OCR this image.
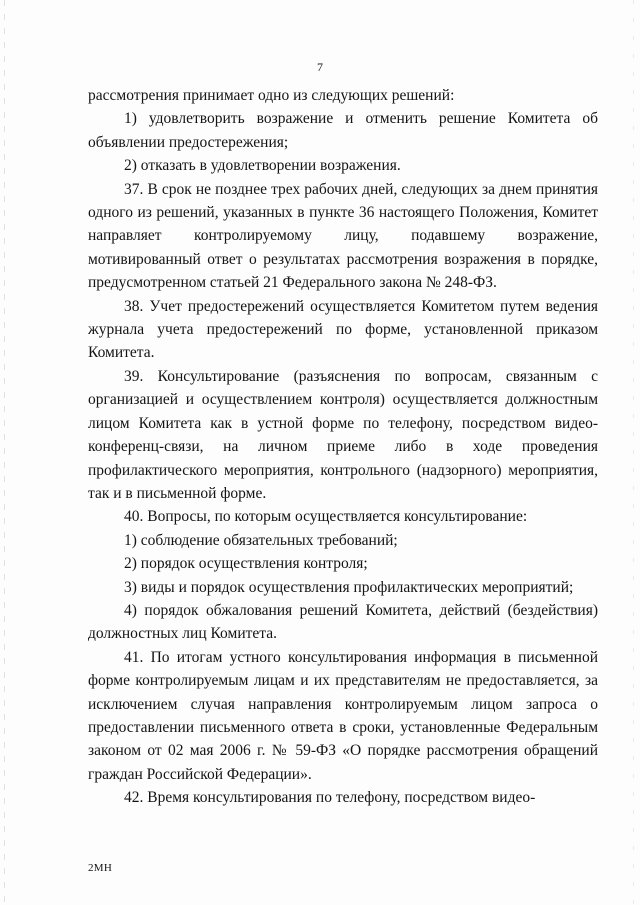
7

рассмотрения принимает одно из следующих решений:

1) удовлетворить возражение и отменить решение Комитета об объявлении предостережения;

2) отказать в удовлетворении возражения.

37. В срок не позднее трех рабочих дней, следующих за днем принятия одного из решений, указанных в пункте 36 настоящего Положения, Комитет направляет контролируемому лицу, подавшему возражение, мотивированный ответ о результатах рассмотрения возражения в порядке, предусмотренном статьей 21 Федерального закона № 248-ФЗ.

38. Учет предостережений осуществляется Комитетом путем ведения журнала учета предостережений по форме, установленной приказом Комитета.

39. Консультирование (разъяснения по вопросам, связанным с организацией и осуществлением контроля) осуществляется должностным лицом Комитета как в устной форме по телефону, посредством видео-конференц-связи, на личном приеме либо в ходе проведения профилактического мероприятия, контрольного (надзорного) мероприятия, так и в письменной форме.

40. Вопросы, по которым осуществляется консультирование:

1) соблюдение обязательных требований;

2) порядок осуществления контроля;

3) виды и порядок осуществления профилактических мероприятий;

4) порядок обжалования решений Комитета, действий (бездействия) должностных лиц Комитета.

41. По итогам устного консультирования информация в письменной форме контролируемым лицам и их представителям не предоставляется, за исключением случая направления контролируемым лицом запроса о предоставлении письменного ответа в сроки, установленные Федеральным законом от 02 мая 2006 г. № 59-ФЗ «О порядке рассмотрения обращений граждан Российской Федерации».

42. Время консультирования по телефону, посредством видео-

2МН
